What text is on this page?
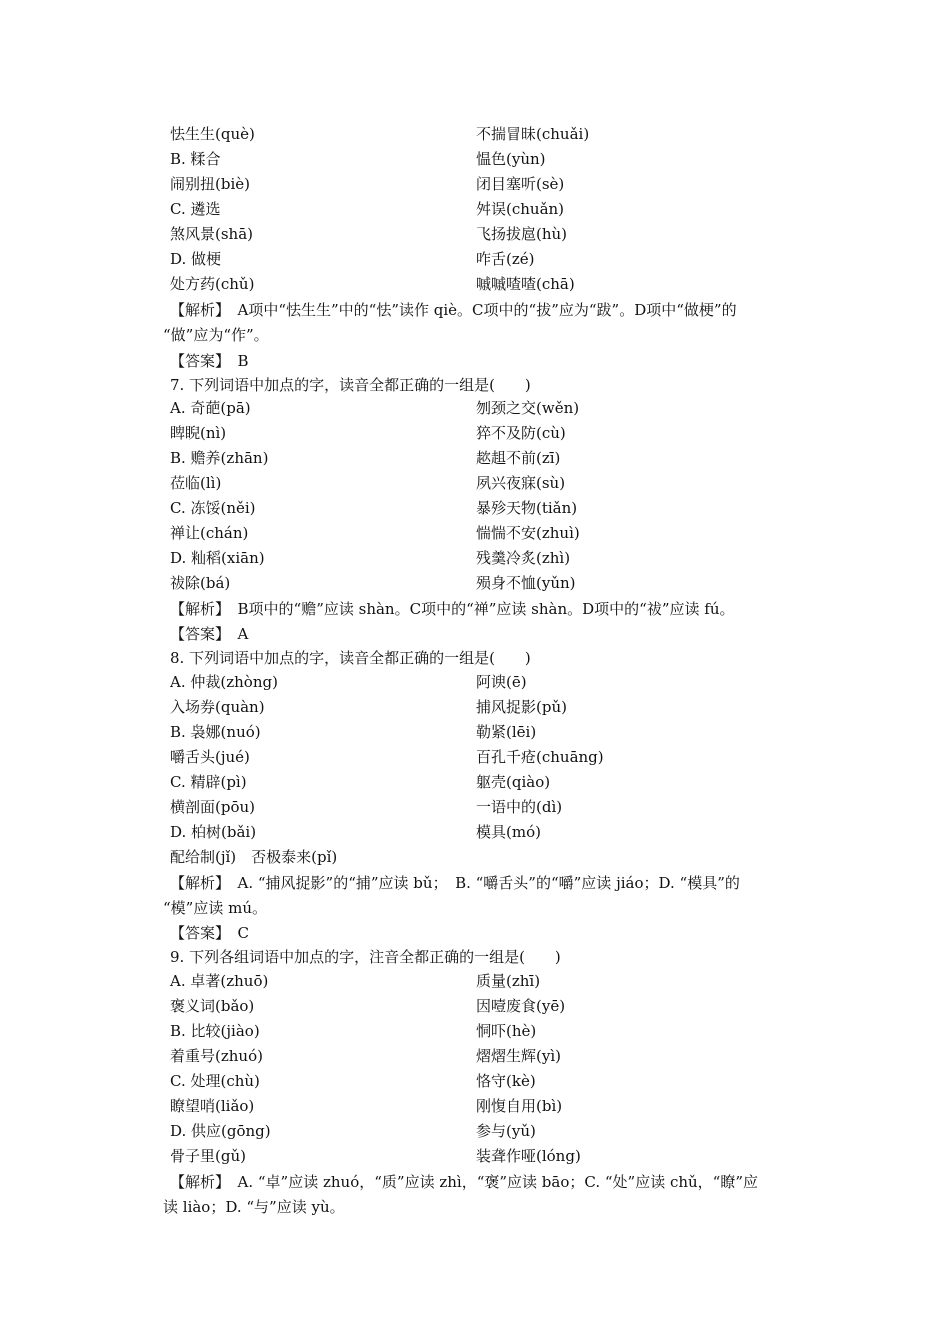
怯生生(què)	不揣冒昧(chuǎi)
B. 糅合	愠色(yùn)
闹别扭(biè)	闭目塞听(sè)
C. 遴选	舛误(chuǎn)
煞风景(shā)	飞扬拔扈(hù)
D. 做梗	咋舌(zé)
处方药(chǔ)	嘁嘁喳喳(chā)
【解析】　A项中“怯生生”中的“怯”读作 qiè。C项中的“拔”应为“跋”。D项中“做梗”的
“做”应为“作”。
【答案】　B
7. 下列词语中加点的字，读音全都正确的一组是(　　)
A. 奇葩(pā)	刎颈之交(wěn)
睥睨(nì)	猝不及防(cù)
B. 赡养(zhān)	趑趄不前(zī)
莅临(lì)	夙兴夜寐(sù)
C. 冻馁(něi)	暴殄天物(tiǎn)
禅让(chán)	惴惴不安(zhuì)
D. 籼稻(xiān)	残羹冷炙(zhì)
祓除(bá)	殒身不恤(yǔn)
【解析】　B项中的“赡”应读 shàn。C项中的“禅”应读 shàn。D项中的“祓”应读 fú。
【答案】　A
8. 下列词语中加点的字，读音全都正确的一组是(　　)
A. 仲裁(zhòng)	阿谀(ē)
入场券(quàn)	捕风捉影(pǔ)
B. 袅娜(nuó)	勒紧(lēi)
嚼舌头(jué)	百孔千疮(chuāng)
C. 精辟(pì)	躯壳(qiào)
横剖面(pōu)	一语中的(dì)
D. 柏树(bǎi)	模具(mó)
配给制(jǐ)　否极泰来(pǐ)
【解析】　A. “捕风捉影”的“捕”应读 bǔ；　B. “嚼舌头”的“嚼”应读 jiáo；D. “模具”的
“模”应读 mú。
【答案】　C
9. 下列各组词语中加点的字，注音全都正确的一组是(　　)
A. 卓著(zhuō)	质量(zhī)
褒义词(bǎo)	因噎废食(yē)
B. 比较(jiào)	恫吓(hè)
着重号(zhuó)	熠熠生辉(yì)
C. 处理(chù)	恪守(kè)
瞭望哨(liǎo)	刚愎自用(bì)
D. 供应(gōng)	参与(yǔ)
骨子里(gǔ)	装聋作哑(lóng)
【解析】　A. “卓”应读 zhuó，“质”应读 zhì，“褒”应读 bāo；C. “处”应读 chǔ，“瞭”应
读 liào；D. “与”应读 yù。
